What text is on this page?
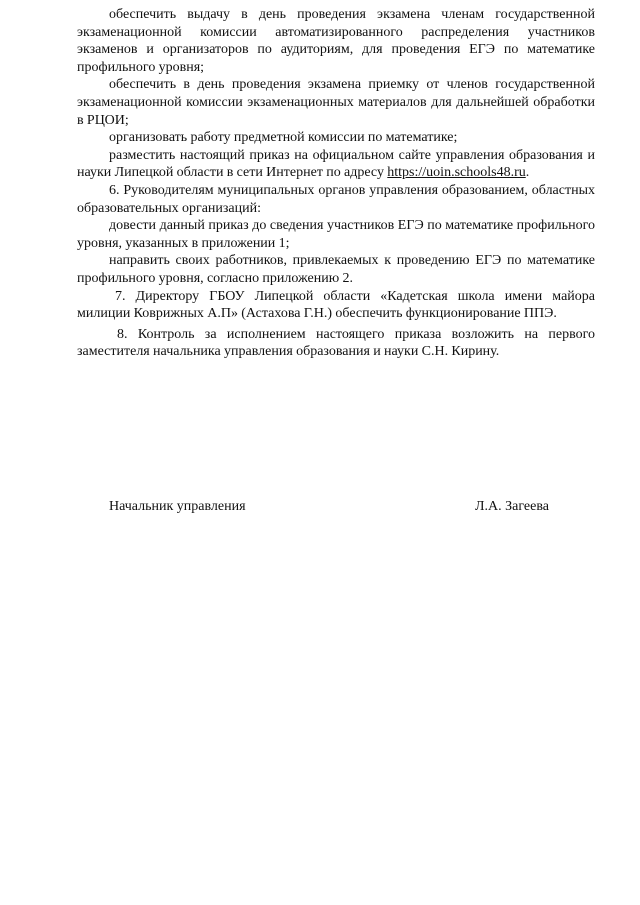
обеспечить выдачу в день проведения экзамена членам государственной экзаменационной комиссии автоматизированного распределения участников экзаменов и организаторов по аудиториям, для проведения ЕГЭ по математике профильного уровня;

обеспечить в день проведения экзамена приемку от членов государственной экзаменационной комиссии экзаменационных материалов для дальнейшей обработки в РЦОИ;

организовать работу предметной комиссии по математике;

разместить настоящий приказ на официальном сайте управления образования и науки Липецкой области в сети Интернет по адресу https://uoin.schools48.ru.

6. Руководителям муниципальных органов управления образованием, областных образовательных организаций:

довести данный приказ до сведения участников ЕГЭ по математике профильного уровня, указанных в приложении 1;

направить своих работников, привлекаемых к проведению ЕГЭ по математике профильного уровня, согласно приложению 2.

7. Директору ГБОУ Липецкой области «Кадетская школа имени майора милиции Коврижных А.П» (Астахова Г.Н.) обеспечить функционирование ППЭ.

8. Контроль за исполнением настоящего приказа возложить на первого заместителя начальника управления образования и науки С.Н. Кирину.

Начальник управления	Л.А. Загеева
